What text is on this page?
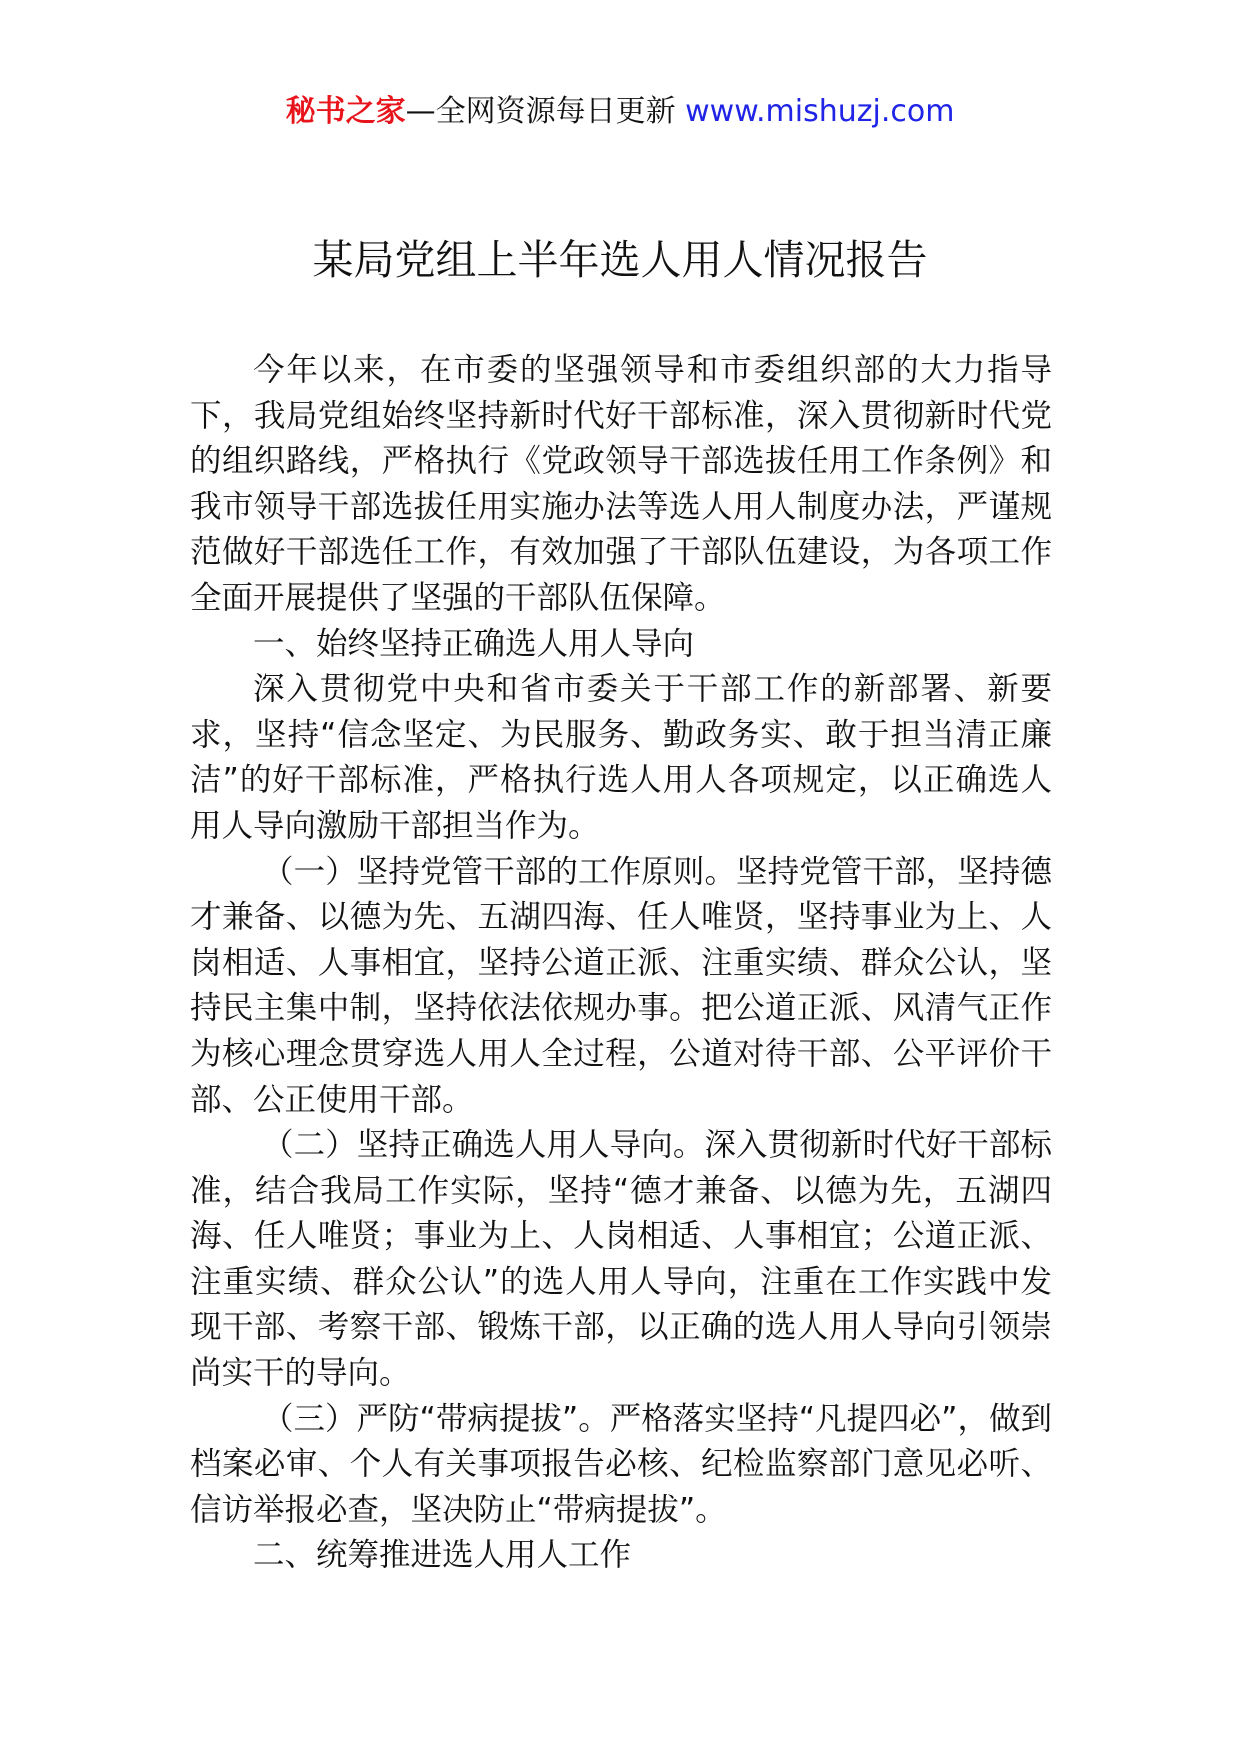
秘书之家—全网资源每日更新 www.mishuzj.com
某局党组上半年选人用人情况报告

今年以来，在市委的坚强领导和市委组织部的大力指导下，我局党组始终坚持新时代好干部标准，深入贯彻新时代党的组织路线，严格执行《党政领导干部选拔任用工作条例》和我市领导干部选拔任用实施办法等选人用人制度办法，严谨规范做好干部选任工作，有效加强了干部队伍建设，为各项工作全面开展提供了坚强的干部队伍保障。

一、始终坚持正确选人用人导向

深入贯彻党中央和省市委关于干部工作的新部署、新要求，坚持“信念坚定、为民服务、勤政务实、敢于担当清正廉洁”的好干部标准，严格执行选人用人各项规定，以正确选人用人导向激励干部担当作为。

（一）坚持党管干部的工作原则。坚持党管干部，坚持德才兼备、以德为先、五湖四海、任人唯贤，坚持事业为上、人岗相适、人事相宜，坚持公道正派、注重实绩、群众公认，坚持民主集中制，坚持依法依规办事。把公道正派、风清气正作为核心理念贯穿选人用人全过程，公道对待干部、公平评价干部、公正使用干部。

（二）坚持正确选人用人导向。深入贯彻新时代好干部标准，结合我局工作实际，坚持“德才兼备、以德为先，五湖四海、任人唯贤；事业为上、人岗相适、人事相宜；公道正派、注重实绩、群众公认”的选人用人导向，注重在工作实践中发现干部、考察干部、锻炼干部，以正确的选人用人导向引领崇尚实干的导向。

（三）严防“带病提拔”。严格落实坚持“凡提四必”，做到档案必审、个人有关事项报告必核、纪检监察部门意见必听、信访举报必查，坚决防止“带病提拔”。

二、统筹推进选人用人工作
